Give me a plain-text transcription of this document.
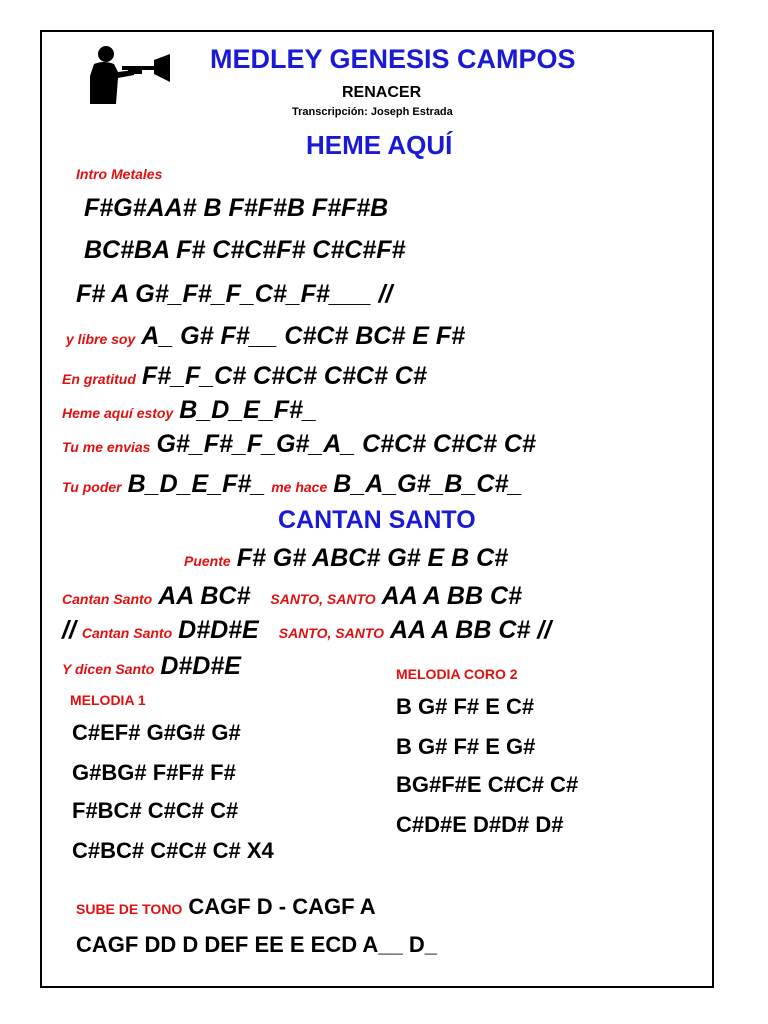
MEDLEY GENESIS CAMPOS
RENACER
Transcripción: Joseph Estrada
HEME AQUÍ
Intro Metales
F#G#AA# B F#F#B F#F#B
BC#BA F# C#C#F# C#C#F#
F# A G#_F#_F_C#_F#___ //
y libre soy A_ G# F#__ C#C# BC# E F#
En gratitud F#_F_C# C#C# C#C# C#
Heme aquí estoy B_D_E_F#_
Tu me envias G#_F#_F_G#_A_ C#C# C#C# C#
Tu poder B_D_E_F#_ me hace B_A_G#_B_C#_
CANTAN SANTO
Puente F# G# ABC# G# E B C#
Cantan Santo AA BC# SANTO, SANTO AA A BB C#
// Cantan Santo D#D#E SANTO, SANTO AA A BB C# //
Y dicen Santo D#D#E
MELODIA 1
C#EF# G#G# G#
G#BG# F#F# F#
F#BC# C#C# C#
C#BC# C#C# C# X4
MELODIA CORO 2
B G# F# E C#
B G# F# E G#
BG#F#E C#C# C#
C#D#E D#D# D#
SUBE DE TONO CAGF D - CAGF A
CAGF DD D DEF EE E ECD A__ D_
